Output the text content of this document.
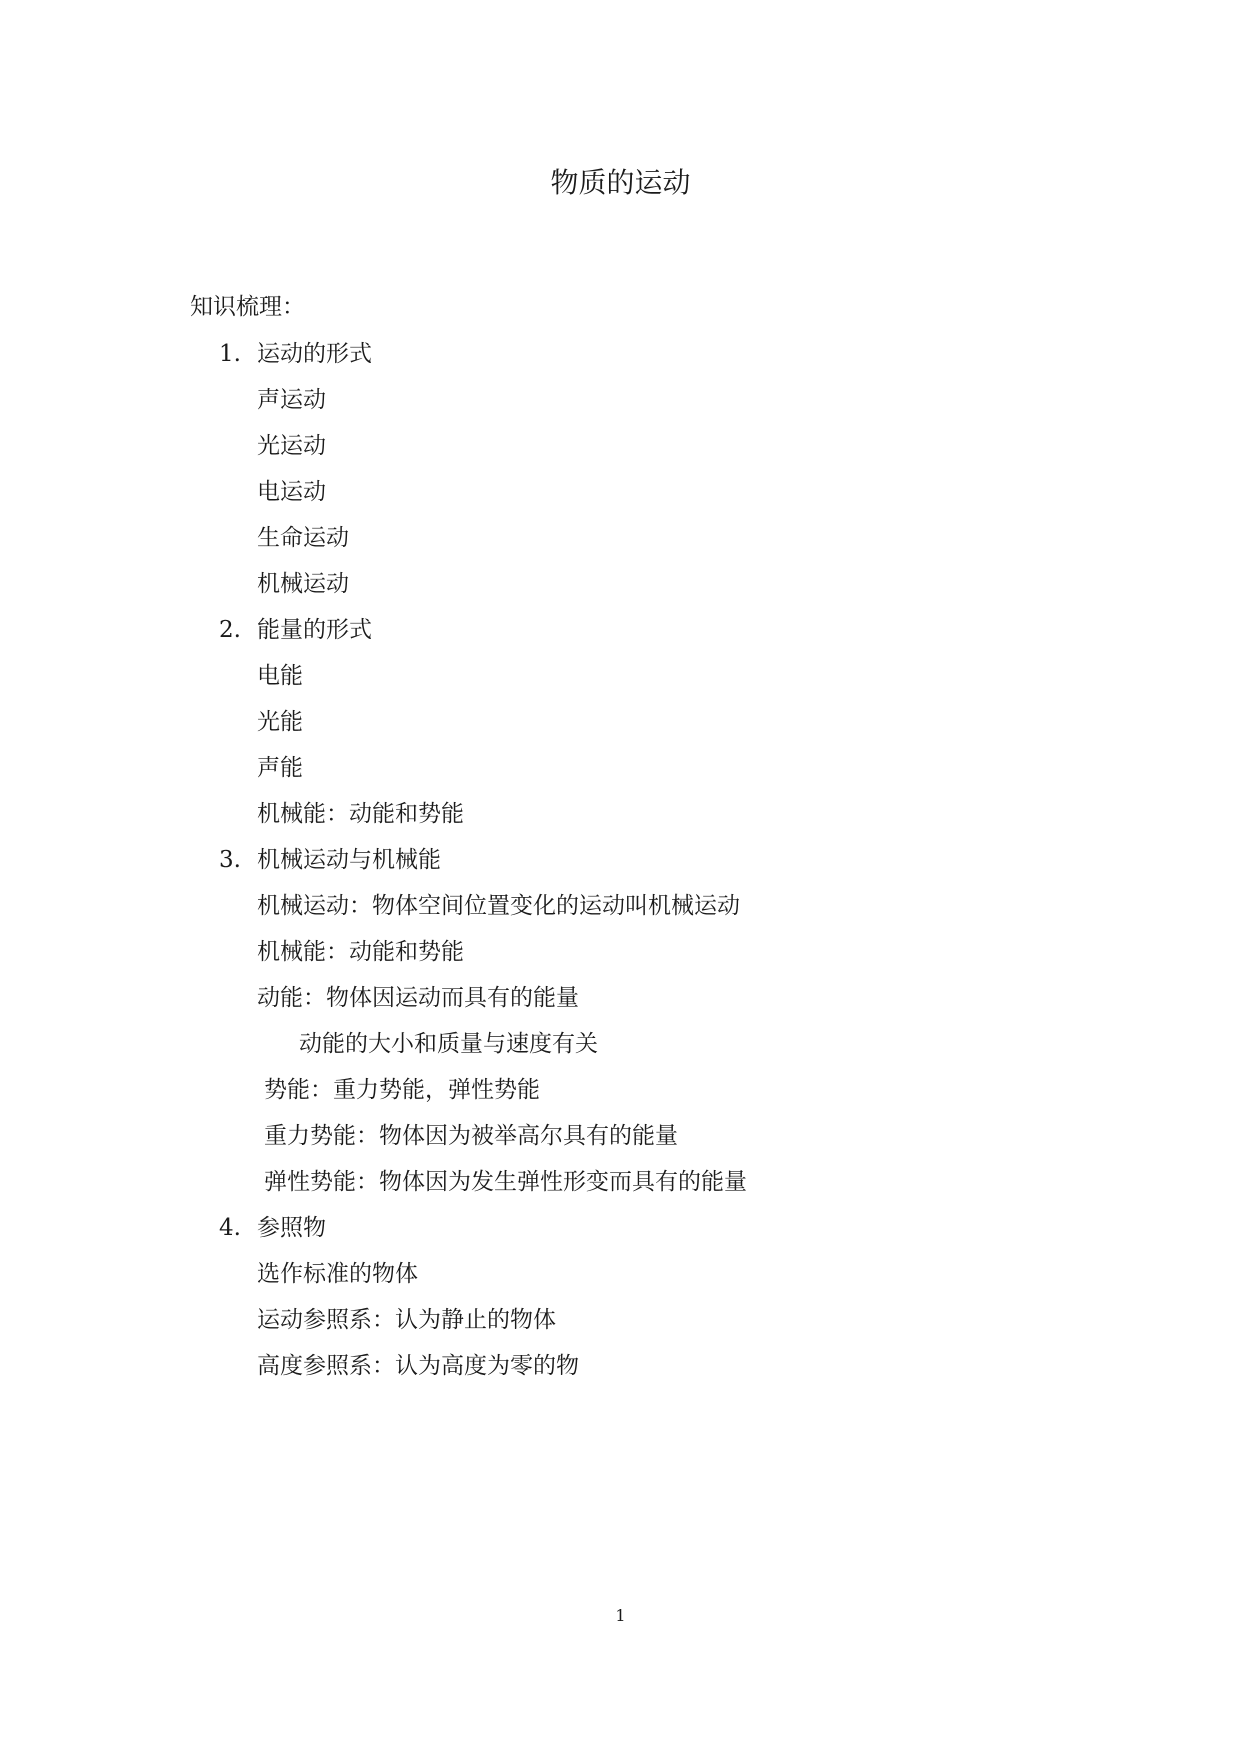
物质的运动
知识梳理：
1. 运动的形式
声运动
光运动
电运动
生命运动
机械运动
2. 能量的形式
电能
光能
声能
机械能：动能和势能
3. 机械运动与机械能
机械运动：物体空间位置变化的运动叫机械运动
机械能：动能和势能
动能：物体因运动而具有的能量
动能的大小和质量与速度有关
势能：重力势能，弹性势能
重力势能：物体因为被举高尔具有的能量
弹性势能：物体因为发生弹性形变而具有的能量
4. 参照物
选作标准的物体
运动参照系：认为静止的物体
高度参照系：认为高度为零的物
1
